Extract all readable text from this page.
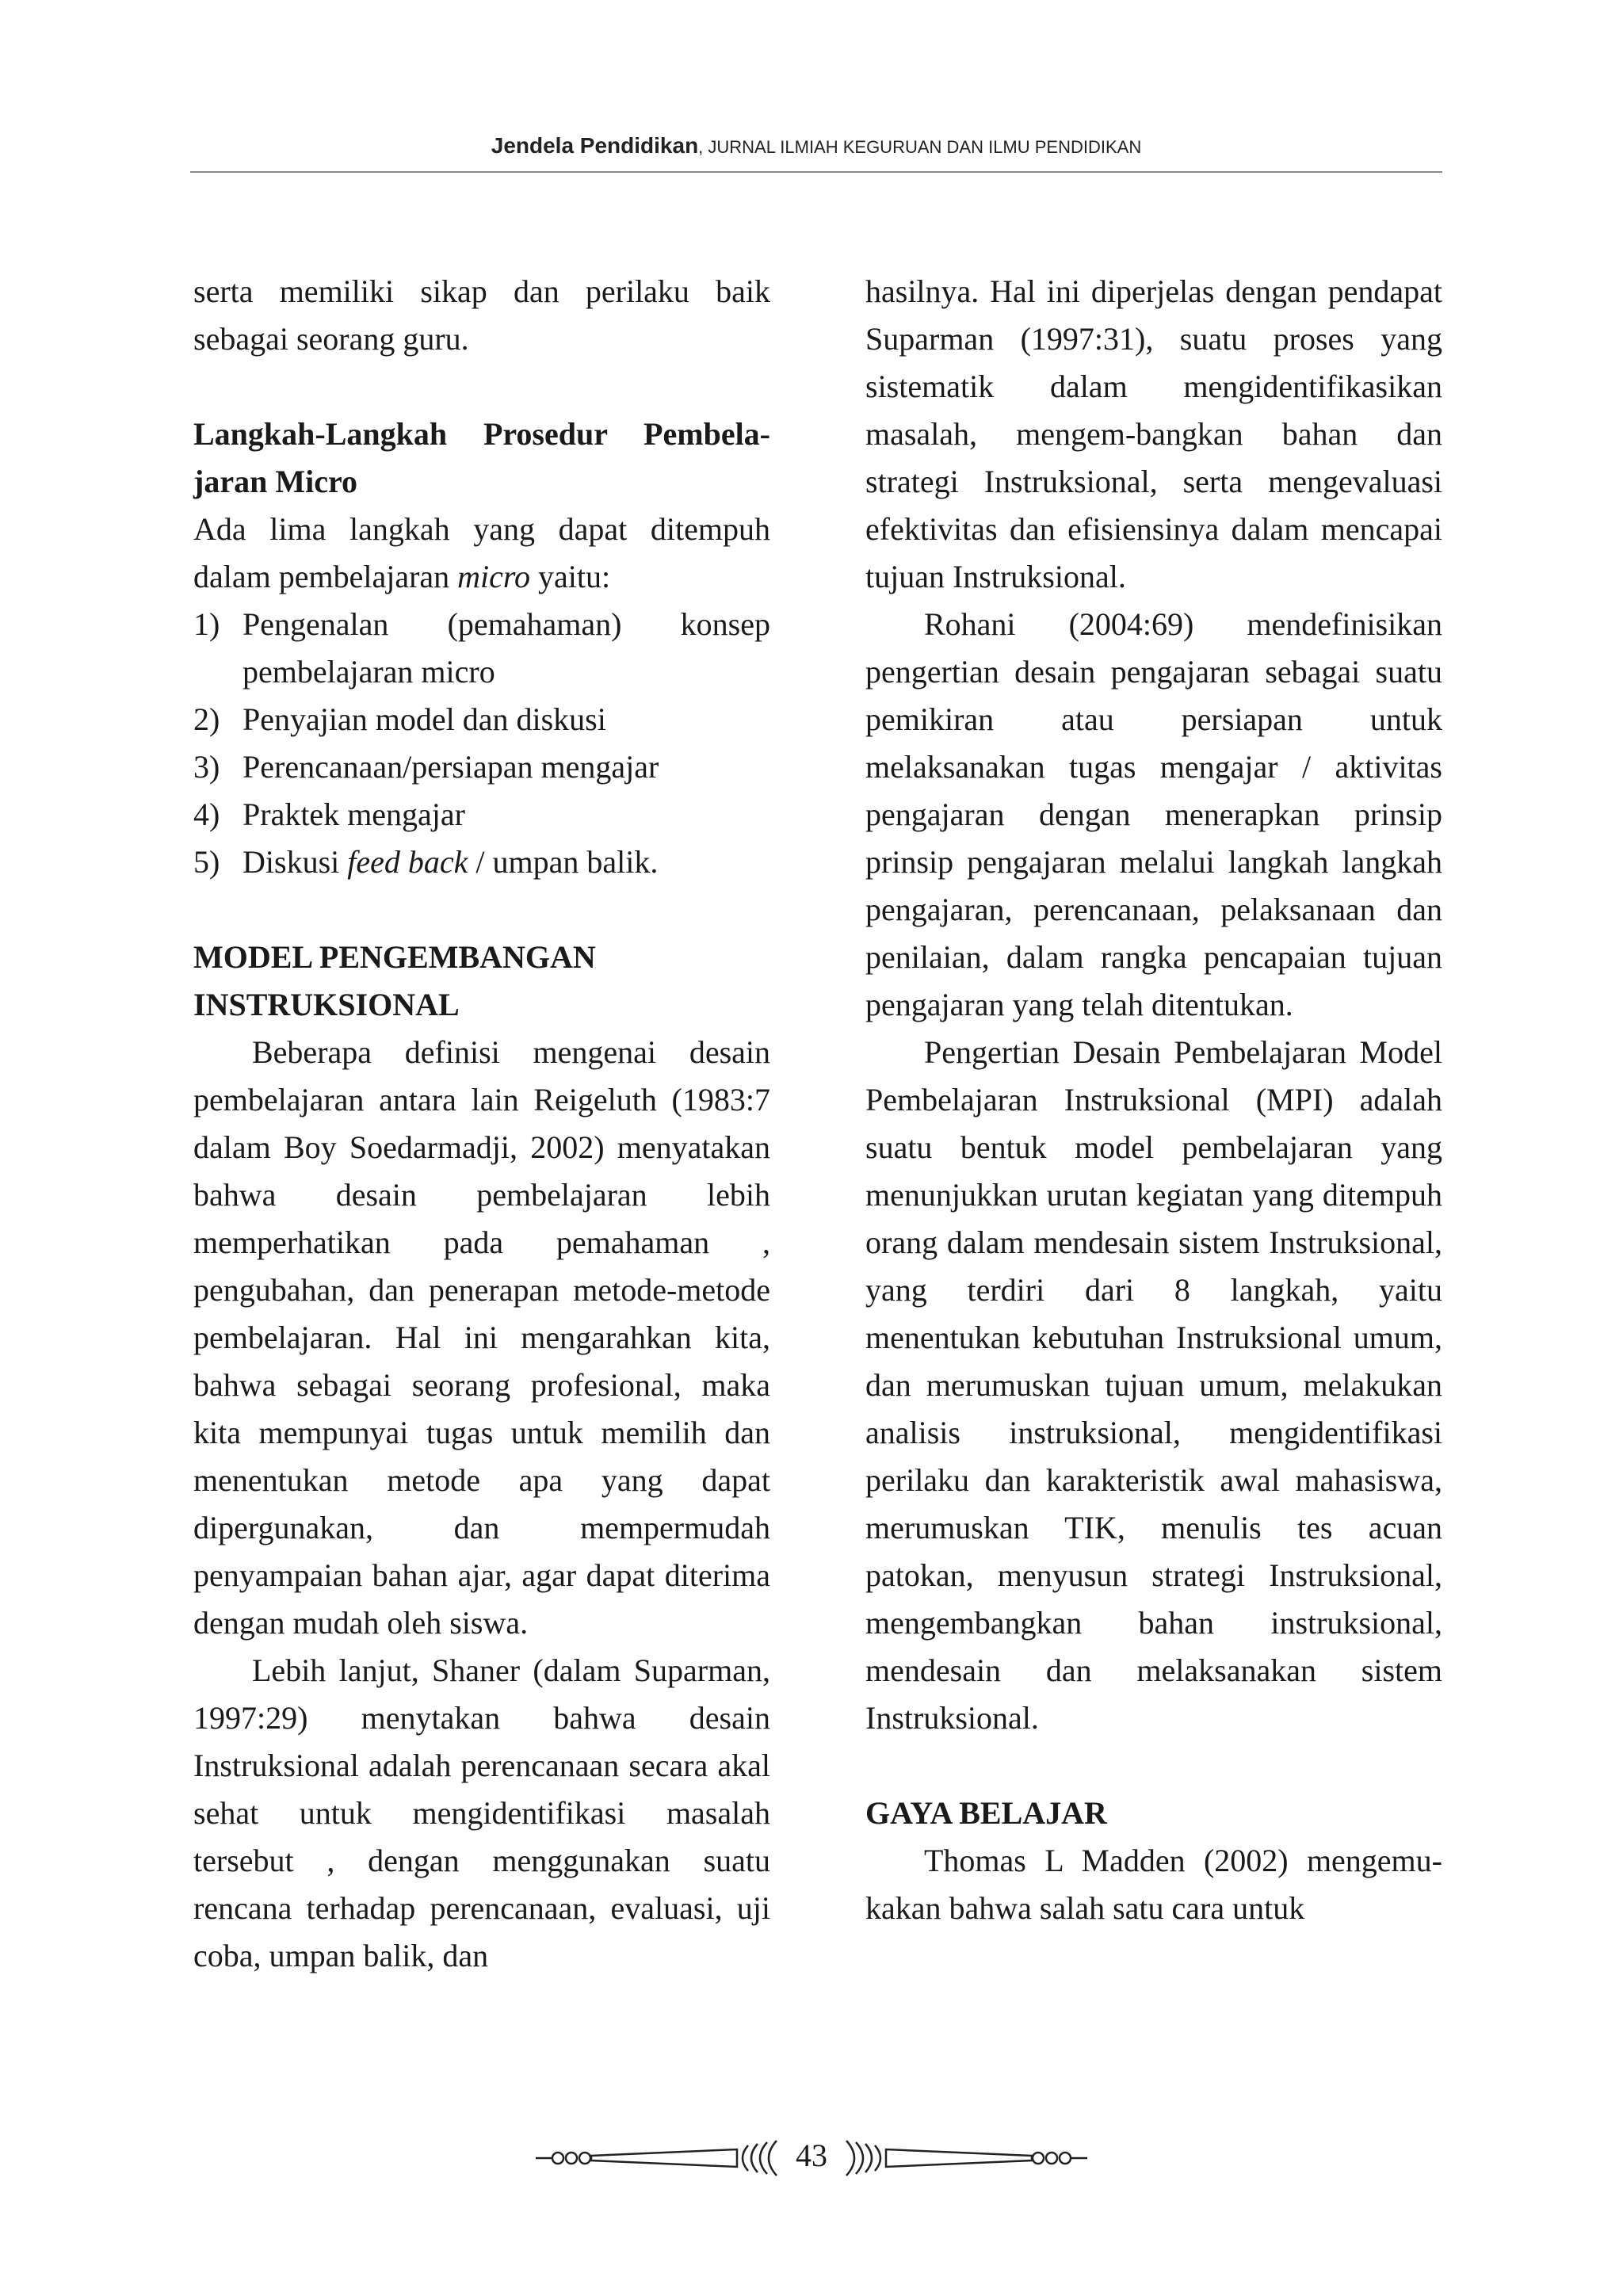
Jendela Pendidikan, JURNAL ILMIAH KEGURUAN DAN ILMU PENDIDIKAN

serta memiliki sikap dan perilaku baik sebagai seorang guru.

Langkah-Langkah Prosedur Pembela-jaran Micro

Ada lima langkah yang dapat ditempuh dalam pembelajaran micro yaitu:

1) Pengenalan (pemahaman) konsep pembelajaran micro
2) Penyajian model dan diskusi
3) Perencanaan/persiapan mengajar
4) Praktek mengajar
5) Diskusi feed back / umpan balik.

MODEL PENGEMBANGAN

INSTRUKSIONAL

Beberapa definisi mengenai desain pembelajaran antara lain Reigeluth (1983:7 dalam Boy Soedarmadji, 2002) menyatakan bahwa desain pembelajaran lebih memperhatikan pada pemahaman , pengubahan, dan penerapan metode-metode pembelajaran. Hal ini mengarahkan kita, bahwa sebagai seorang profesional, maka kita mempunyai tugas untuk memilih dan menentukan metode apa yang dapat dipergunakan, dan mempermudah penyampaian bahan ajar, agar dapat diterima dengan mudah oleh siswa.

Lebih lanjut, Shaner (dalam Suparman, 1997:29) menytakan bahwa desain Instruksional adalah perencanaan secara akal sehat untuk mengidentifikasi masalah tersebut , dengan menggunakan suatu rencana terhadap perencanaan, evaluasi, uji coba, umpan balik, dan

hasilnya. Hal ini diperjelas dengan pendapat Suparman (1997:31), suatu proses yang sistematik dalam mengidentifikasikan masalah, mengem-bangkan bahan dan strategi Instruksional, serta mengevaluasi efektivitas dan efisiensinya dalam mencapai tujuan Instruksional.

Rohani (2004:69) mendefinisikan pengertian desain pengajaran sebagai suatu pemikiran atau persiapan untuk melaksanakan tugas mengajar / aktivitas pengajaran dengan menerapkan prinsip prinsip pengajaran melalui langkah langkah pengajaran, perencanaan, pelaksanaan dan penilaian, dalam rangka pencapaian tujuan pengajaran yang telah ditentukan.

Pengertian Desain Pembelajaran Model Pembelajaran Instruksional (MPI) adalah suatu bentuk model pembelajaran yang menunjukkan urutan kegiatan yang ditempuh orang dalam mendesain sistem Instruksional, yang terdiri dari 8 langkah, yaitu menentukan kebutuhan Instruksional umum, dan merumuskan tujuan umum, melakukan analisis instruksional, mengidentifikasi perilaku dan karakteristik awal mahasiswa, merumuskan TIK, menulis tes acuan patokan, menyusun strategi Instruksional, mengembangkan bahan instruksional, mendesain dan melaksanakan sistem Instruksional.

GAYA BELAJAR

Thomas L Madden (2002) mengemu-kakan bahwa salah satu cara untuk

43
